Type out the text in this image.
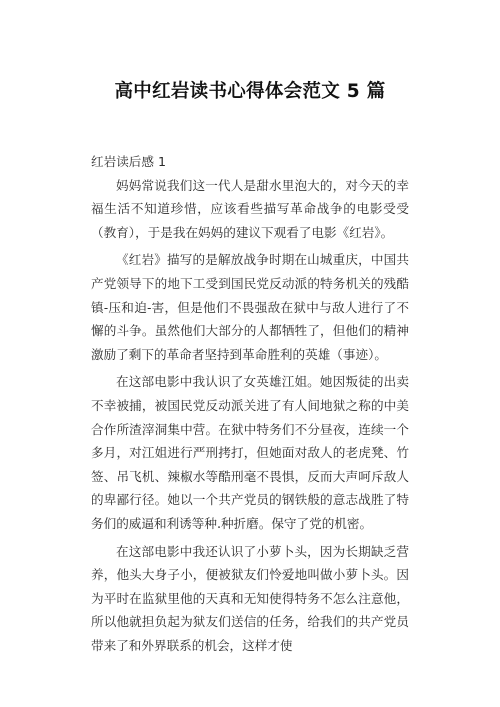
高中红岩读书心得体会范文 5 篇
红岩读后感 1

妈妈常说我们这一代人是甜水里泡大的，对今天的幸福生活不知道珍惜，应该看些描写革命战争的电影受受（教育），于是我在妈妈的建议下观看了电影《红岩》。

《红岩》描写的是解放战争时期在山城重庆，中国共产党领导下的地下工受到国民党反动派的特务机关的残酷镇-压和迫-害，但是他们不畏强敌在狱中与敌人进行了不懈的斗争。虽然他们大部分的人都牺牲了，但他们的精神激励了剩下的革命者坚持到革命胜利的英雄（事迹）。

在这部电影中我认识了女英雄江姐。她因叛徒的出卖不幸被捕，被国民党反动派关进了有人间地狱之称的中美合作所渣滓洞集中营。在狱中特务们不分昼夜，连续一个多月，对江姐进行严刑拷打，但她面对敌人的老虎凳、竹签、吊飞机、辣椒水等酷刑毫不畏惧，反而大声呵斥敌人的卑鄙行径。她以一个共产党员的钢铁般的意志战胜了特务们的威逼和利诱等种.种折磨。保守了党的机密。

在这部电影中我还认识了小萝卜头，因为长期缺乏营养，他头大身子小，便被狱友们怜爱地叫做小萝卜头。因为平时在监狱里他的天真和无知使得特务不怎么注意他，所以他就担负起为狱友们送信的任务，给我们的共产党员带来了和外界联系的机会，这样才使
